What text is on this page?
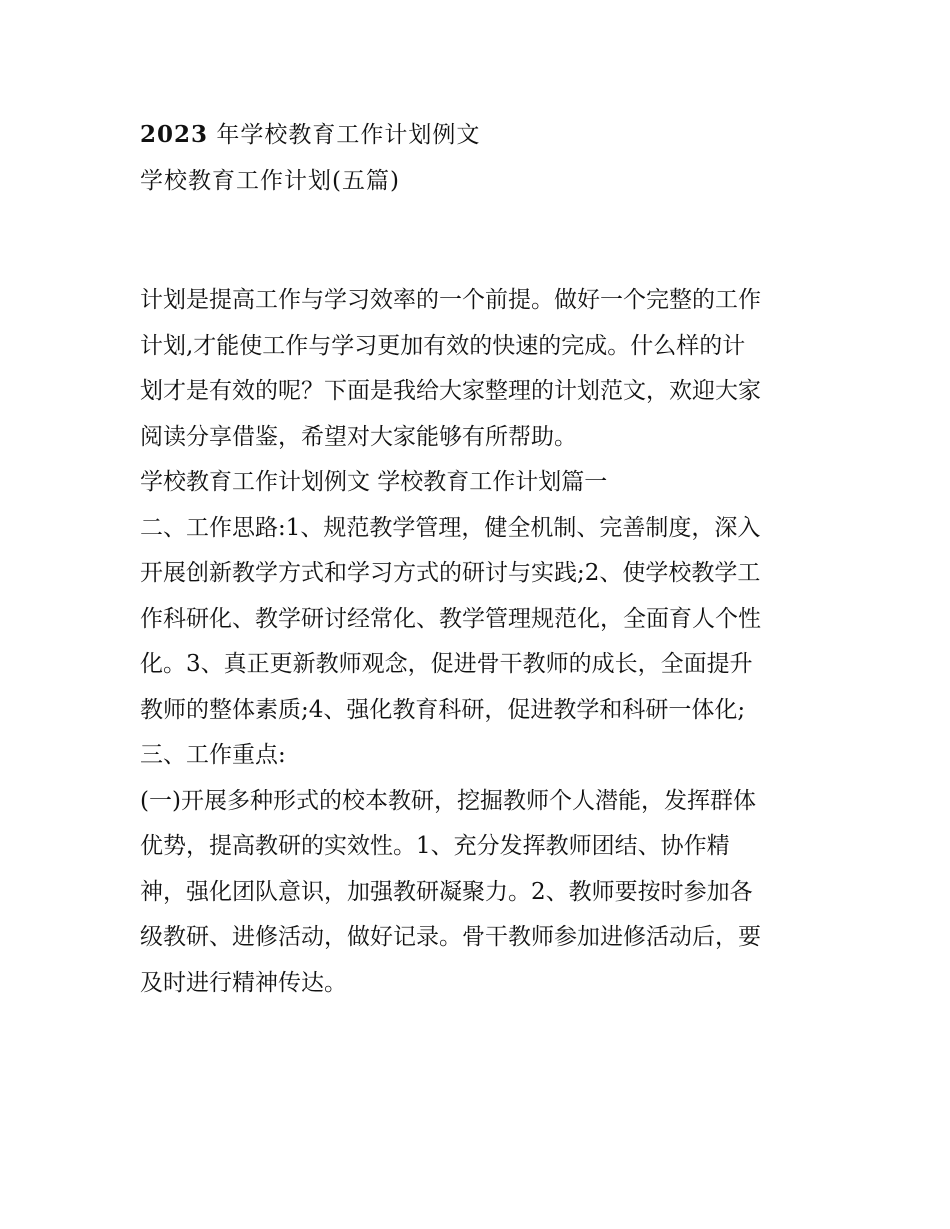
2023 年学校教育工作计划例文
学校教育工作计划(五篇)
计划是提高工作与学习效率的一个前提。做好一个完整的工作
计划,才能使工作与学习更加有效的快速的完成。什么样的计
划才是有效的呢？下面是我给大家整理的计划范文，欢迎大家
阅读分享借鉴，希望对大家能够有所帮助。
学校教育工作计划例文 学校教育工作计划篇一
二、工作思路:1、规范教学管理，健全机制、完善制度，深入
开展创新教学方式和学习方式的研讨与实践;2、使学校教学工
作科研化、教学研讨经常化、教学管理规范化，全面育人个性
化。3、真正更新教师观念，促进骨干教师的成长，全面提升
教师的整体素质;4、强化教育科研，促进教学和科研一体化;
三、工作重点:
(一)开展多种形式的校本教研，挖掘教师个人潜能，发挥群体
优势，提高教研的实效性。1、充分发挥教师团结、协作精
神，强化团队意识，加强教研凝聚力。2、教师要按时参加各
级教研、进修活动，做好记录。骨干教师参加进修活动后，要
及时进行精神传达。
